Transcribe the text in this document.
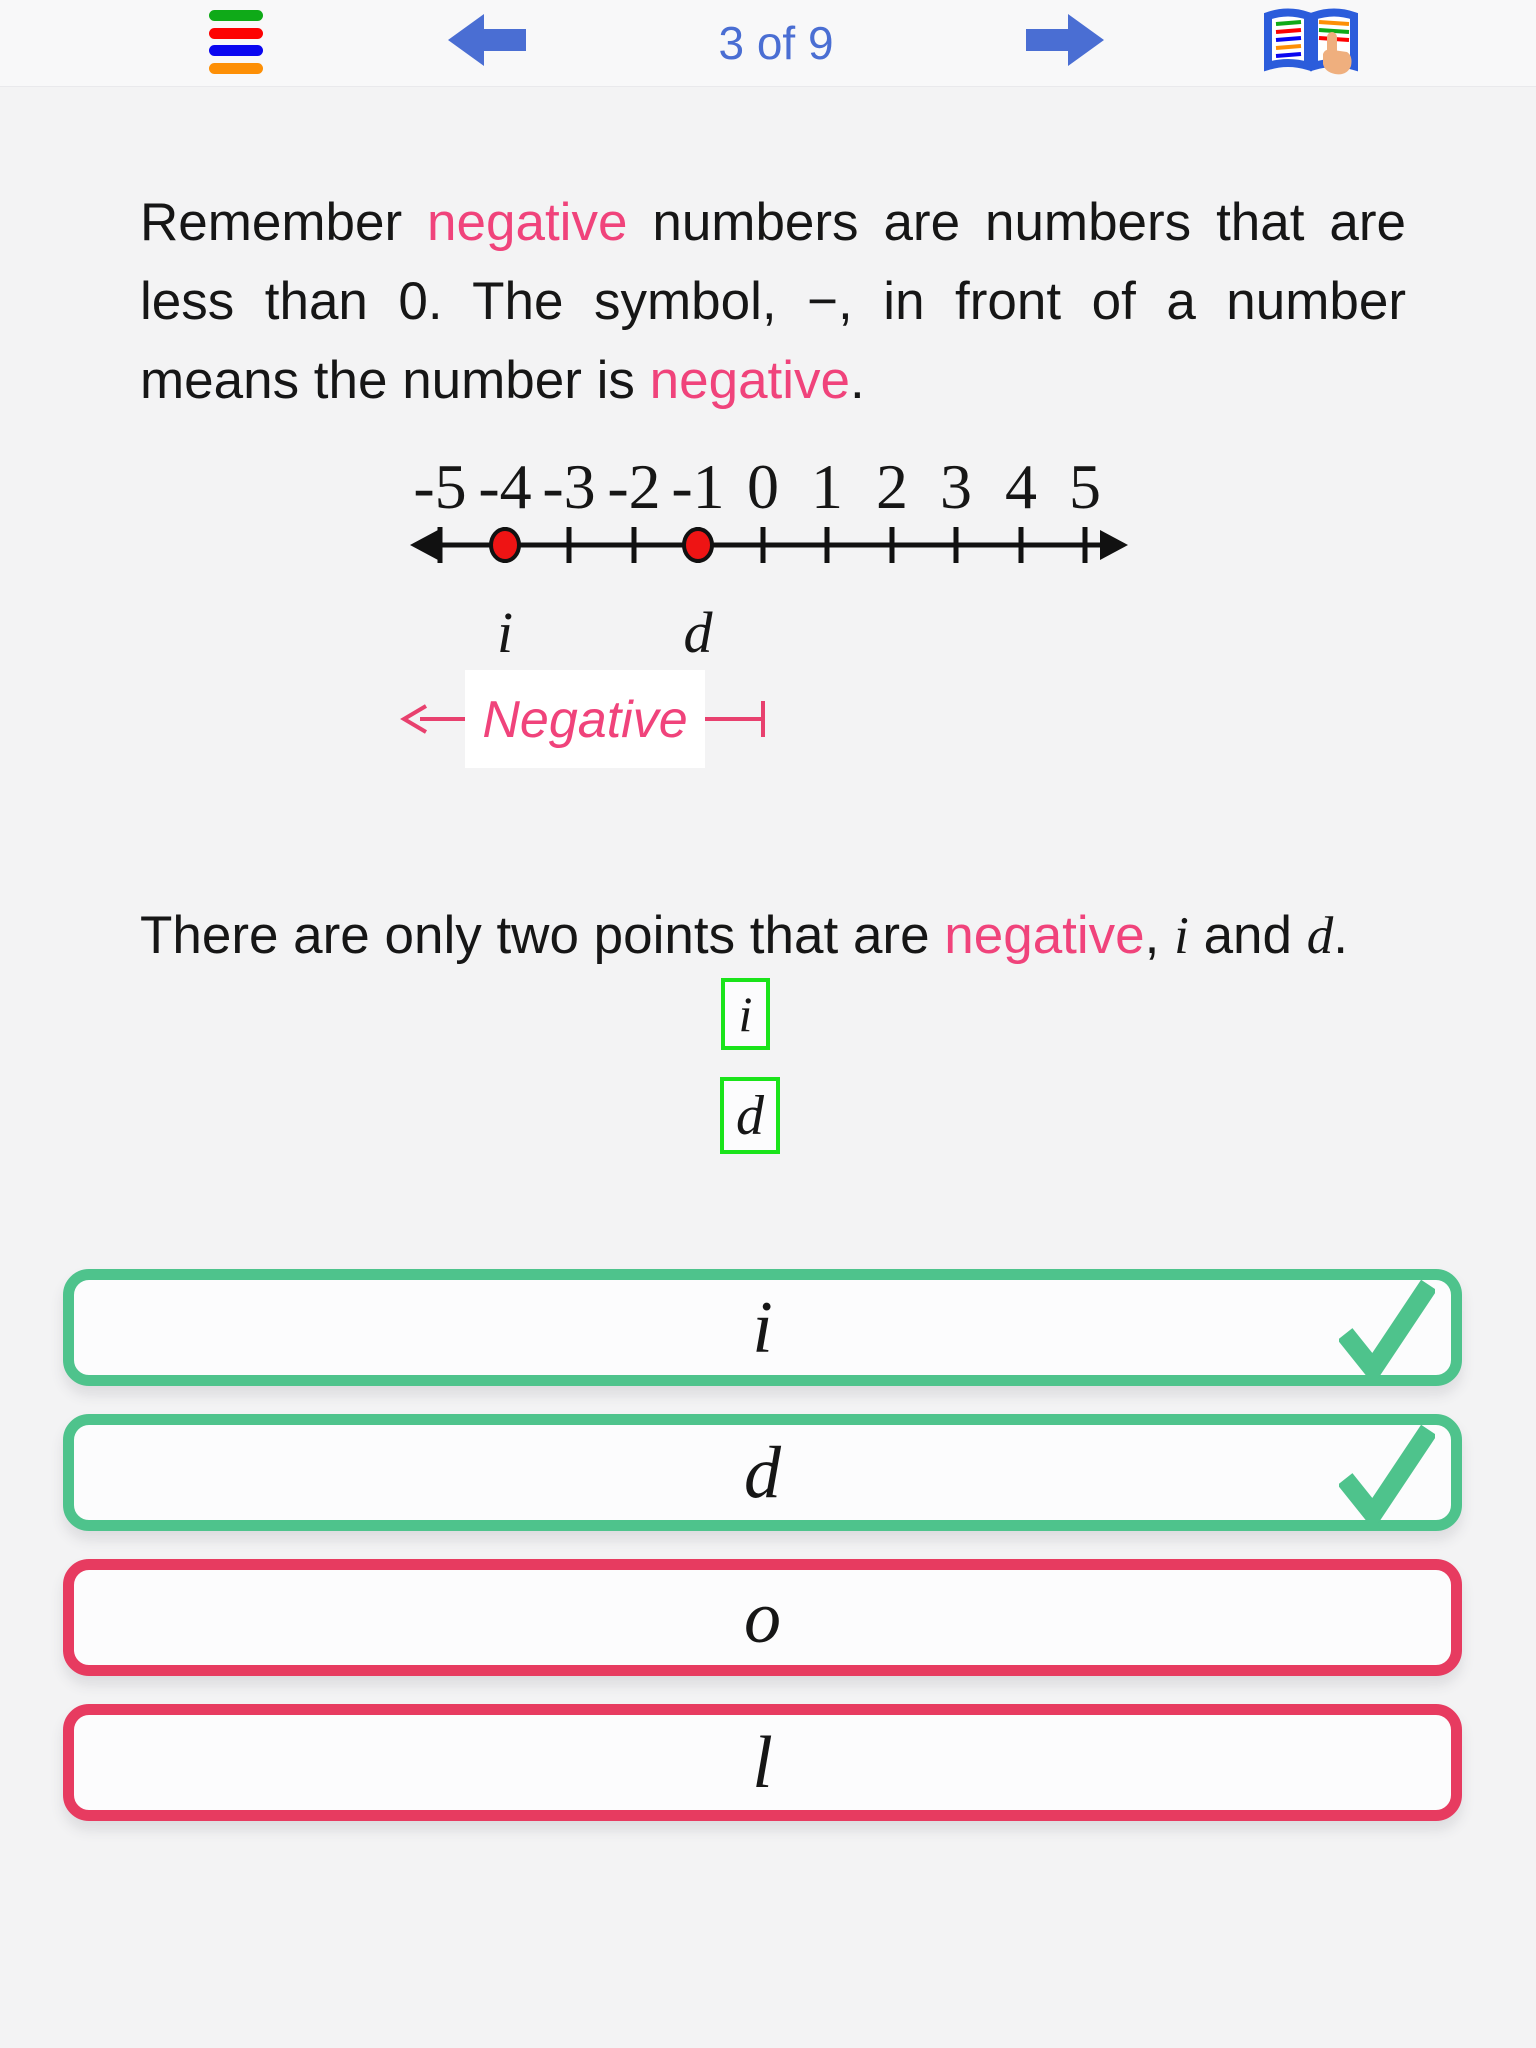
3 of 9

Remember negative numbers are numbers that are less than 0. The symbol, −, in front of a number means the number is negative.

-5 -4 -3 -2 -1 0 1 2 3 4 5
i	d
Negative

There are only two points that are negative, i and d.

i
d
i
d
o
l
